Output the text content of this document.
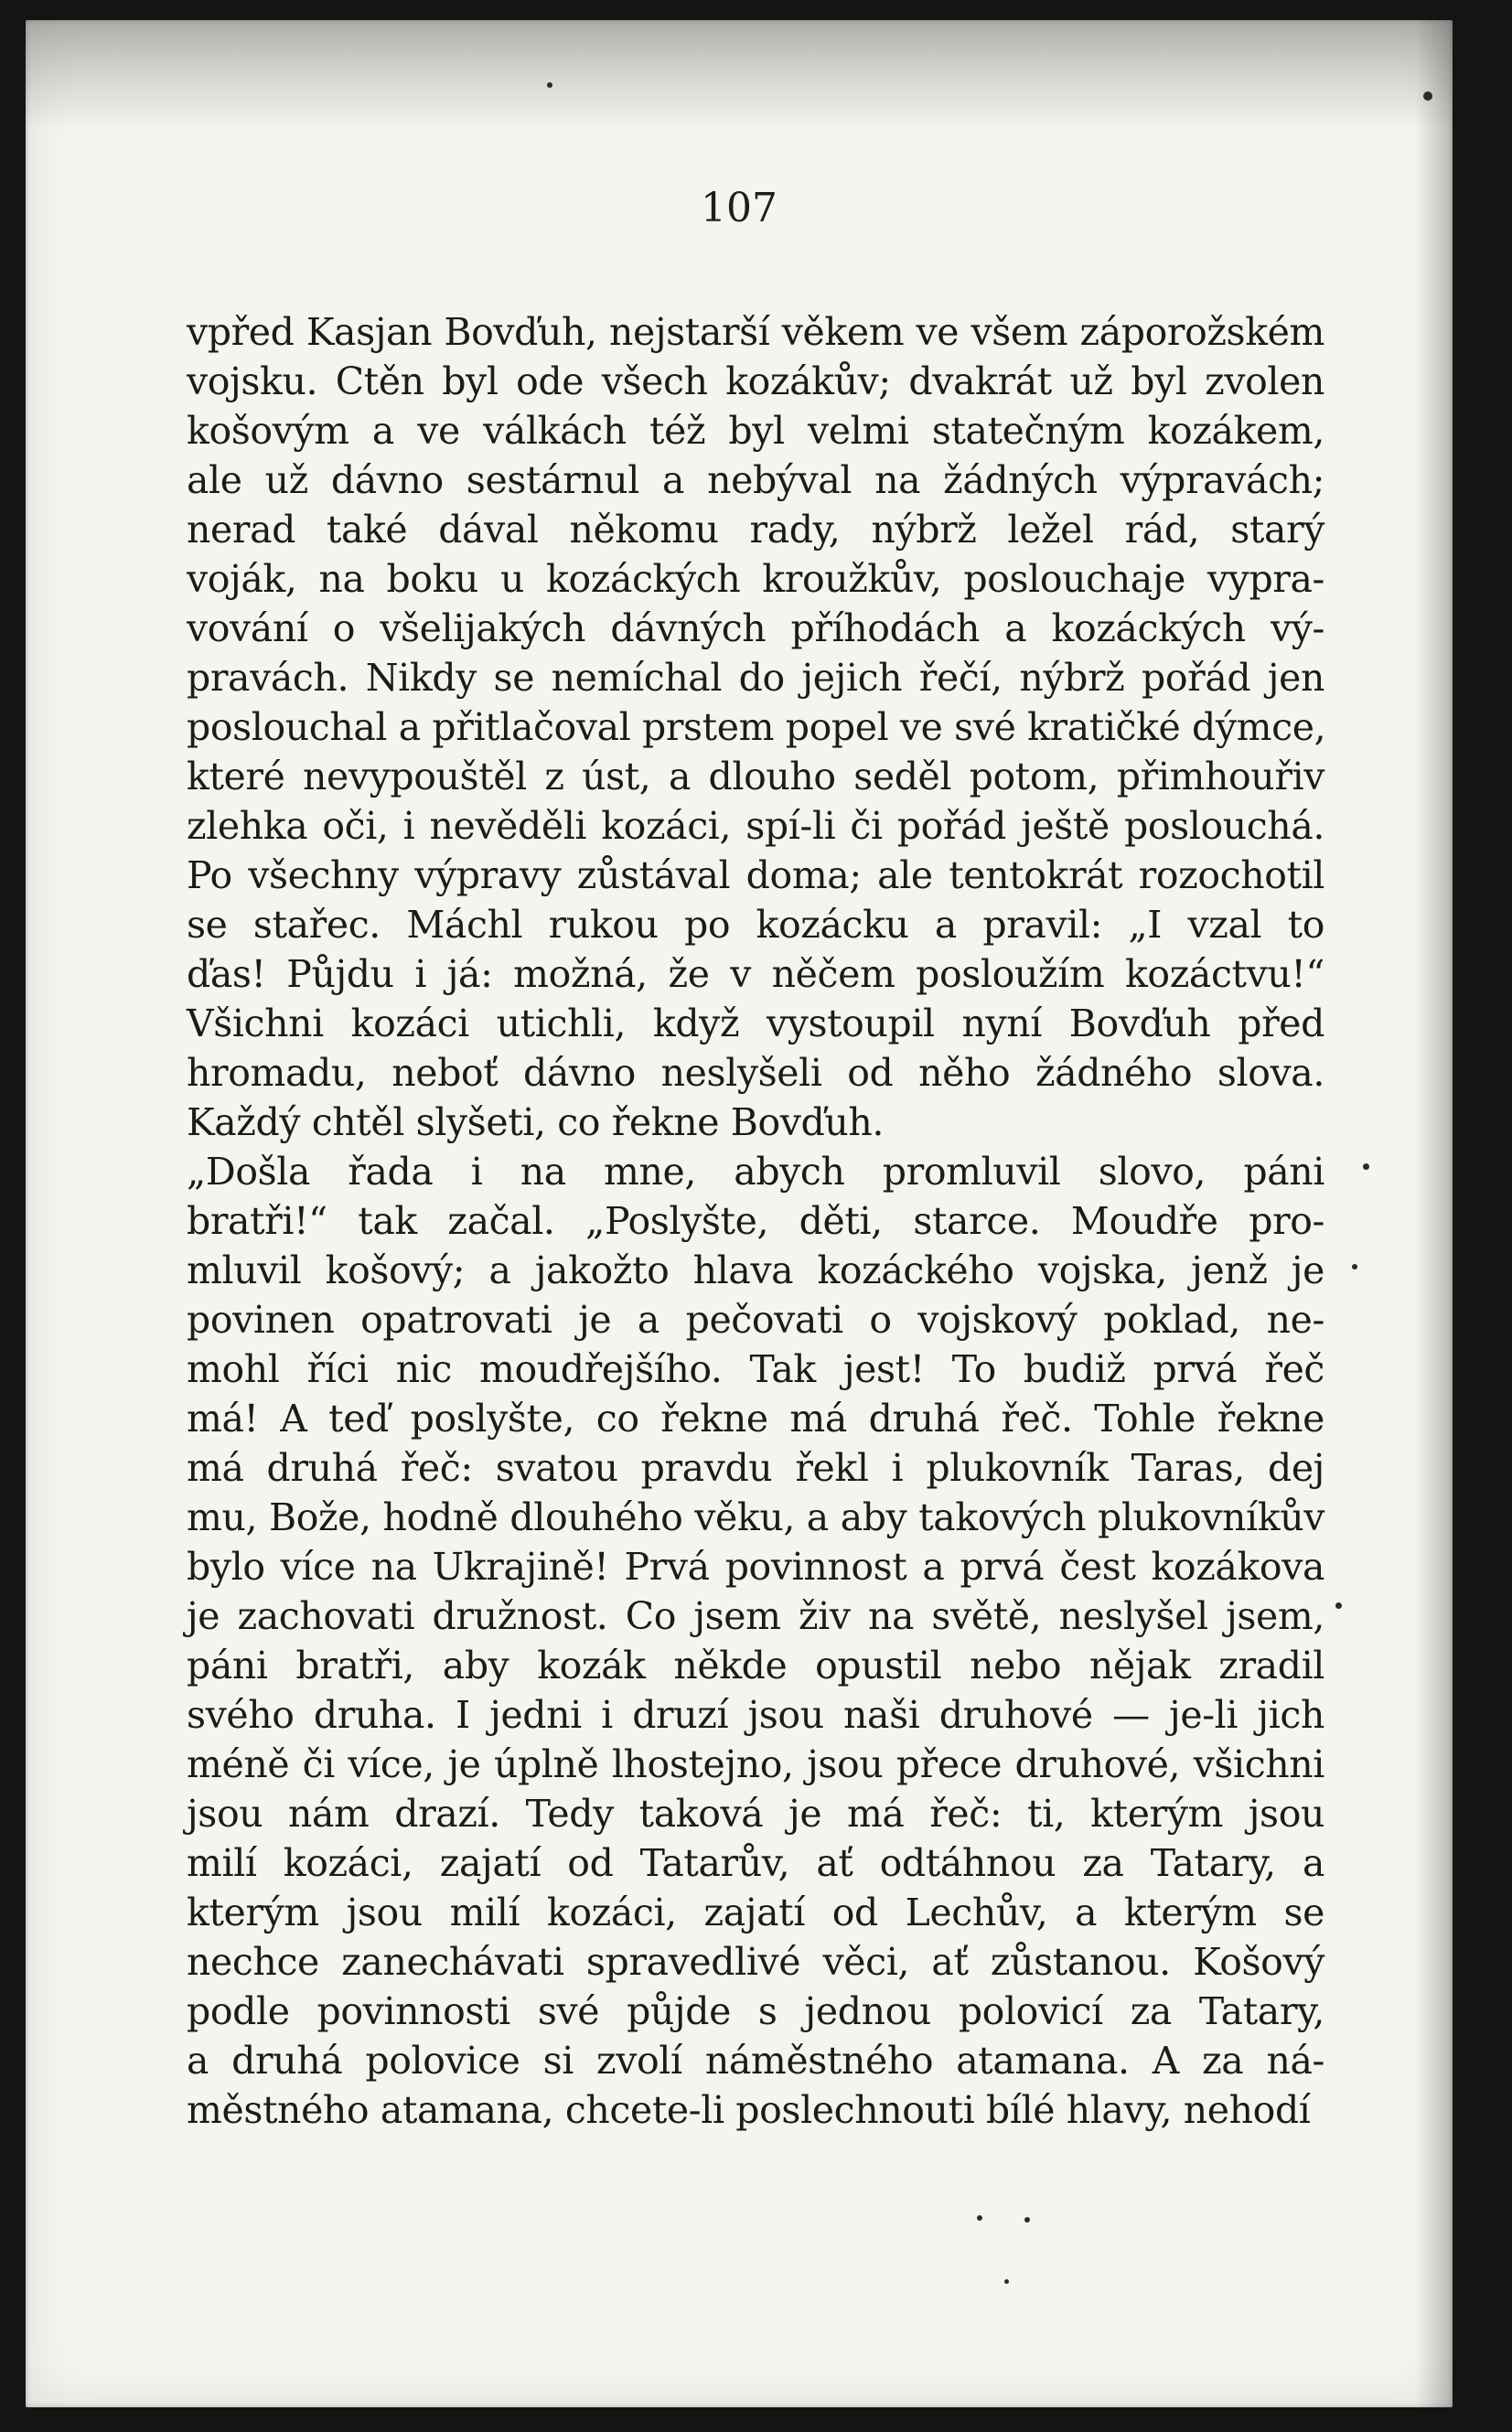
107
vpřed Kasjan Bovďuh, nejstarší věkem ve všem záporožském
vojsku. Ctěn byl ode všech kozákův; dvakrát už byl zvolen
košovým a ve válkách též byl velmi statečným kozákem,
ale už dávno sestárnul a nebýval na žádných výpravách;
nerad také dával někomu rady, nýbrž ležel rád, starý
voják, na boku u kozáckých kroužkův, poslouchaje vypra-
vování o všelijakých dávných příhodách a kozáckých vý-
pravách. Nikdy se nemíchal do jejich řečí, nýbrž pořád jen
poslouchal a přitlačoval prstem popel ve své kratičké dýmce,
které nevypouštěl z úst, a dlouho seděl potom, přimhouřiv
zlehka oči, i nevěděli kozáci, spí-li či pořád ještě poslouchá.
Po všechny výpravy zůstával doma; ale tentokrát rozochotil
se stařec. Máchl rukou po kozácku a pravil: „I vzal to
ďas! Půjdu i já: možná, že v něčem posloužím kozáctvu!“
Všichni kozáci utichli, když vystoupil nyní Bovďuh před
hromadu, neboť dávno neslyšeli od něho žádného slova.
Každý chtěl slyšeti, co řekne Bovďuh.
„Došla řada i na mne, abych promluvil slovo, páni
bratři!“ tak začal. „Poslyšte, děti, starce. Moudře pro-
mluvil košový; a jakožto hlava kozáckého vojska, jenž je
povinen opatrovati je a pečovati o vojskový poklad, ne-
mohl říci nic moudřejšího. Tak jest! To budiž prvá řeč
má! A teď poslyšte, co řekne má druhá řeč. Tohle řekne
má druhá řeč: svatou pravdu řekl i plukovník Taras, dej
mu, Bože, hodně dlouhého věku, a aby takových plukovníkův
bylo více na Ukrajině! Prvá povinnost a prvá čest kozákova
je zachovati družnost. Co jsem živ na světě, neslyšel jsem,
páni bratři, aby kozák někde opustil nebo nějak zradil
svého druha. I jedni i druzí jsou naši druhové — je-li jich
méně či více, je úplně lhostejno, jsou přece druhové, všichni
jsou nám drazí. Tedy taková je má řeč: ti, kterým jsou
milí kozáci, zajatí od Tatarův, ať odtáhnou za Tatary, a
kterým jsou milí kozáci, zajatí od Lechův, a kterým se
nechce zanechávati spravedlivé věci, ať zůstanou. Košový
podle povinnosti své půjde s jednou polovicí za Tatary,
a druhá polovice si zvolí náměstného atamana. A za ná-
městného atamana, chcete-li poslechnouti bílé hlavy, nehodí
